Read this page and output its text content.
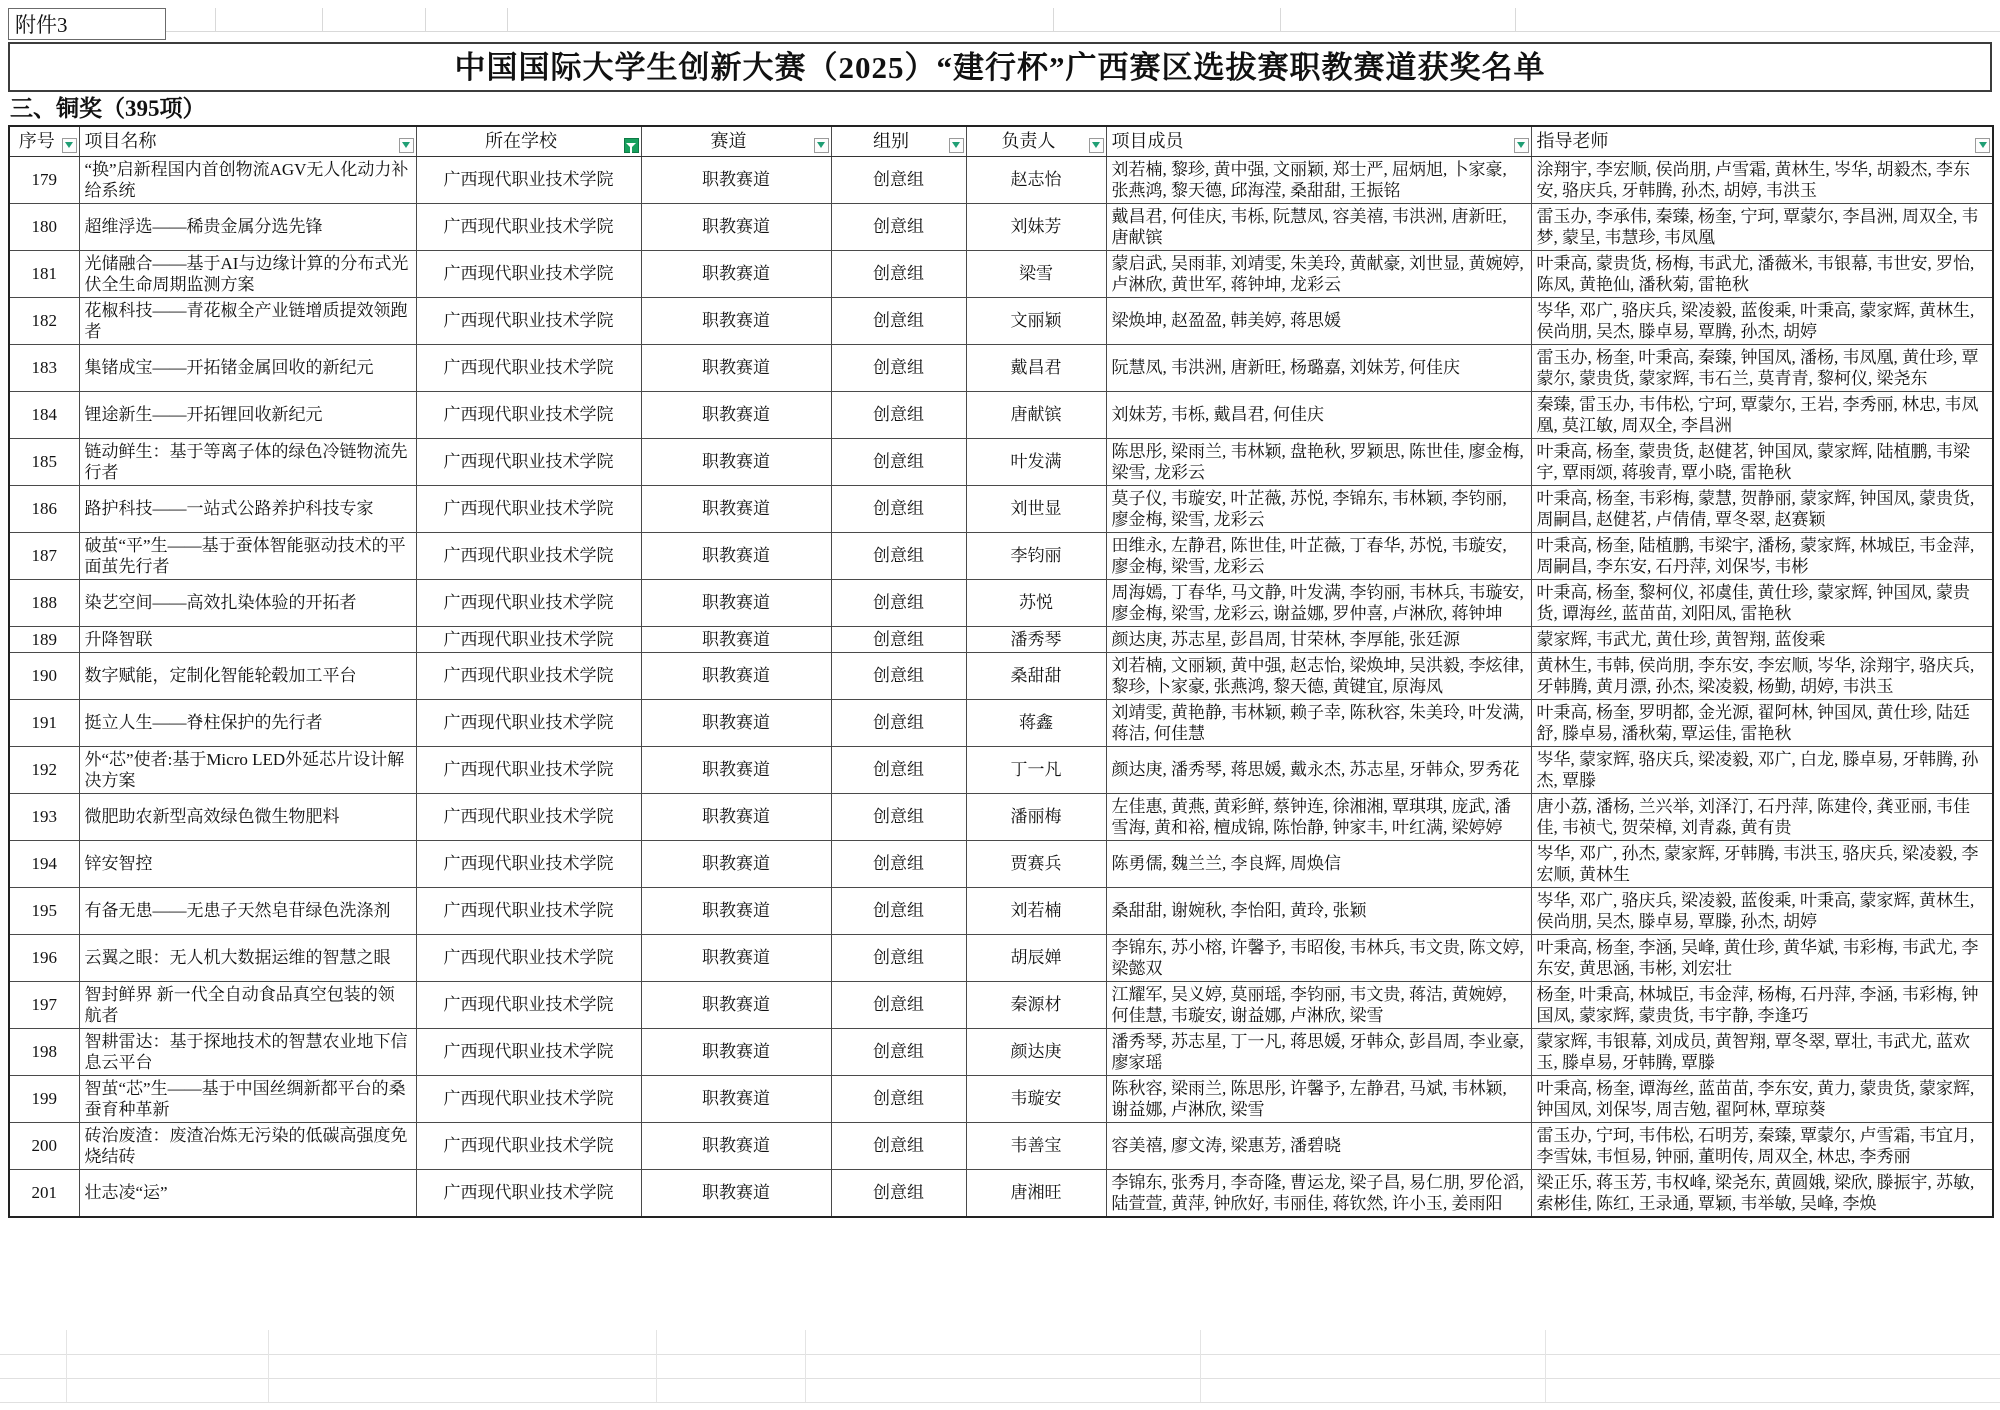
附件3
中国国际大学生创新大赛（2025）“建行杯”广西赛区选拔赛职教赛道获奖名单
三、铜奖（395项）
序号	项目名称	所在学校	赛道	组别	负责人	项目成员	指导老师

179	“换”启新程国内首创物流AGV无人化动力补给系统	广西现代职业技术学院	职教赛道	创意组	赵志怡	刘若楠, 黎珍, 黄中强, 文丽颖, 郑士严, 屈炳旭, 卜家豪, 张燕鸿, 黎天德, 邱海滢, 桑甜甜, 王振铭	涂翔宇, 李宏顺, 侯尚朋, 卢雪霜, 黄林生, 岑华, 胡毅杰, 李东安, 骆庆兵, 牙韩腾, 孙杰, 胡婷, 韦洪玉
180	超维浮选——稀贵金属分选先锋	广西现代职业技术学院	职教赛道	创意组	刘妹芳	戴昌君, 何佳庆, 韦栎, 阮慧凤, 容美禧, 韦洪洲, 唐新旺, 唐献镔	雷玉办, 李承伟, 秦臻, 杨奎, 宁珂, 覃蒙尔, 李昌洲, 周双全, 韦梦, 蒙呈, 韦慧珍, 韦凤凰
181	光储融合——基于AI与边缘计算的分布式光伏全生命周期监测方案	广西现代职业技术学院	职教赛道	创意组	梁雪	蒙启武, 吴雨菲, 刘靖雯, 朱美玲, 黄献豪, 刘世显, 黄婉婷, 卢淋欣, 黄世军, 蒋钟坤, 龙彩云	叶秉高, 蒙贵货, 杨梅, 韦武尤, 潘薇米, 韦银幕, 韦世安, 罗怡, 陈凤, 黄艳仙, 潘秋菊, 雷艳秋
182	花椒科技——青花椒全产业链增质提效领跑者	广西现代职业技术学院	职教赛道	创意组	文丽颖	梁焕坤, 赵盈盈, 韩美婷, 蒋思媛	岑华, 邓广, 骆庆兵, 梁凌毅, 蓝俊乘, 叶秉高, 蒙家辉, 黄林生, 侯尚朋, 吴杰, 滕卓易, 覃腾, 孙杰, 胡婷
183	集锗成宝——开拓锗金属回收的新纪元	广西现代职业技术学院	职教赛道	创意组	戴昌君	阮慧凤, 韦洪洲, 唐新旺, 杨璐嘉, 刘妹芳, 何佳庆	雷玉办, 杨奎, 叶秉高, 秦臻, 钟国凤, 潘杨, 韦凤凰, 黄仕珍, 覃蒙尔, 蒙贵货, 蒙家辉, 韦石兰, 莫青青, 黎柯仪, 梁尧东
184	锂途新生——开拓锂回收新纪元	广西现代职业技术学院	职教赛道	创意组	唐献镔	刘妹芳, 韦栎, 戴昌君, 何佳庆	秦臻, 雷玉办, 韦伟松, 宁珂, 覃蒙尔, 王岩, 李秀丽, 林忠, 韦凤凰, 莫江敏, 周双全, 李昌洲
185	链动鲜生：基于等离子体的绿色冷链物流先行者	广西现代职业技术学院	职教赛道	创意组	叶发满	陈思彤, 梁雨兰, 韦林颖, 盘艳秋, 罗颖思, 陈世佳, 廖金梅, 梁雪, 龙彩云	叶秉高, 杨奎, 蒙贵货, 赵健茗, 钟国凤, 蒙家辉, 陆植鹏, 韦梁宇, 覃雨颂, 蒋骏青, 覃小晓, 雷艳秋
186	路护科技——一站式公路养护科技专家	广西现代职业技术学院	职教赛道	创意组	刘世显	莫子仪, 韦璇安, 叶芷薇, 苏悦, 李锦东, 韦林颖, 李钧丽, 廖金梅, 梁雪, 龙彩云	叶秉高, 杨奎, 韦彩梅, 蒙慧, 贺静丽, 蒙家辉, 钟国凤, 蒙贵货, 周嗣昌, 赵健茗, 卢倩倩, 覃冬翠, 赵赛颖
187	破茧“平”生——基于蚕体智能驱动技术的平面茧先行者	广西现代职业技术学院	职教赛道	创意组	李钧丽	田维永, 左静君, 陈世佳, 叶芷薇, 丁春华, 苏悦, 韦璇安, 廖金梅, 梁雪, 龙彩云	叶秉高, 杨奎, 陆植鹏, 韦梁宇, 潘杨, 蒙家辉, 林城臣, 韦金萍, 周嗣昌, 李东安, 石丹萍, 刘保岑, 韦彬
188	染艺空间——高效扎染体验的开拓者	广西现代职业技术学院	职教赛道	创意组	苏悦	周海嫣, 丁春华, 马文静, 叶发满, 李钧丽, 韦林兵, 韦璇安, 廖金梅, 梁雪, 龙彩云, 谢益娜, 罗仲喜, 卢淋欣, 蒋钟坤	叶秉高, 杨奎, 黎柯仪, 祁虞佳, 黄仕珍, 蒙家辉, 钟国凤, 蒙贵货, 谭海丝, 蓝苗苗, 刘阳凤, 雷艳秋
189	升降智联	广西现代职业技术学院	职教赛道	创意组	潘秀琴	颜达庚, 苏志星, 彭昌周, 甘荣林, 李厚能, 张廷源	蒙家辉, 韦武尤, 黄仕珍, 黄智翔, 蓝俊乘
190	数字赋能，定制化智能轮毂加工平台	广西现代职业技术学院	职教赛道	创意组	桑甜甜	刘若楠, 文丽颖, 黄中强, 赵志怡, 梁焕坤, 吴洪毅, 李炫律, 黎珍, 卜家豪, 张燕鸿, 黎天德, 黄键宜, 原海凤	黄林生, 韦韩, 侯尚朋, 李东安, 李宏顺, 岑华, 涂翔宇, 骆庆兵, 牙韩腾, 黄月漂, 孙杰, 梁凌毅, 杨勤, 胡婷, 韦洪玉
191	挺立人生——脊柱保护的先行者	广西现代职业技术学院	职教赛道	创意组	蒋鑫	刘靖雯, 黄艳静, 韦林颖, 赖子幸, 陈秋容, 朱美玲, 叶发满, 蒋洁, 何佳慧	叶秉高, 杨奎, 罗明都, 金光源, 翟阿林, 钟国凤, 黄仕珍, 陆廷舒, 滕卓易, 潘秋菊, 覃运佳, 雷艳秋
192	外“芯”使者:基于Micro LED外延芯片设计解决方案	广西现代职业技术学院	职教赛道	创意组	丁一凡	颜达庚, 潘秀琴, 蒋思媛, 戴永杰, 苏志星, 牙韩众, 罗秀花	岑华, 蒙家辉, 骆庆兵, 梁凌毅, 邓广, 白龙, 滕卓易, 牙韩腾, 孙杰, 覃滕
193	微肥助农新型高效绿色微生物肥料	广西现代职业技术学院	职教赛道	创意组	潘丽梅	左佳惠, 黄燕, 黄彩鲜, 蔡钟连, 徐湘湘, 覃琪琪, 庞武, 潘雪海, 黄和裕, 檀成锦, 陈怡静, 钟家丰, 叶红满, 梁婷婷	唐小荔, 潘杨, 兰兴举, 刘泽汀, 石丹萍, 陈建伶, 龚亚丽, 韦佳佳, 韦祯弋, 贺荣樟, 刘青淼, 黄有贵
194	锌安智控	广西现代职业技术学院	职教赛道	创意组	贾赛兵	陈勇儒, 魏兰兰, 李良辉, 周焕信	岑华, 邓广, 孙杰, 蒙家辉, 牙韩腾, 韦洪玉, 骆庆兵, 梁凌毅, 李宏顺, 黄林生
195	有备无患——无患子天然皂苷绿色洗涤剂	广西现代职业技术学院	职教赛道	创意组	刘若楠	桑甜甜, 谢婉秋, 李怡阳, 黄玲, 张颖	岑华, 邓广, 骆庆兵, 梁凌毅, 蓝俊乘, 叶秉高, 蒙家辉, 黄林生, 侯尚朋, 吴杰, 滕卓易, 覃滕, 孙杰, 胡婷
196	云翼之眼：无人机大数据运维的智慧之眼	广西现代职业技术学院	职教赛道	创意组	胡辰婵	李锦东, 苏小榕, 许馨予, 韦昭俊, 韦林兵, 韦文贵, 陈文婷, 梁懿双	叶秉高, 杨奎, 李涵, 吴峰, 黄仕珍, 黄华斌, 韦彩梅, 韦武尤, 李东安, 黄思涵, 韦彬, 刘宏壮
197	智封鲜界 新一代全自动食品真空包装的领航者	广西现代职业技术学院	职教赛道	创意组	秦源材	江耀军, 吴义婷, 莫丽瑶, 李钧丽, 韦文贵, 蒋洁, 黄婉婷, 何佳慧, 韦璇安, 谢益娜, 卢淋欣, 梁雪	杨奎, 叶秉高, 林城臣, 韦金萍, 杨梅, 石丹萍, 李涵, 韦彩梅, 钟国凤, 蒙家辉, 蒙贵货, 韦宇静, 李逢巧
198	智耕雷达：基于探地技术的智慧农业地下信息云平台	广西现代职业技术学院	职教赛道	创意组	颜达庚	潘秀琴, 苏志星, 丁一凡, 蒋思媛, 牙韩众, 彭昌周, 李业豪, 廖家瑶	蒙家辉, 韦银幕, 刘成员, 黄智翔, 覃冬翠, 覃壮, 韦武尤, 蓝欢玉, 滕卓易, 牙韩腾, 覃滕
199	智茧“芯”生——基于中国丝绸新都平台的桑蚕育种革新	广西现代职业技术学院	职教赛道	创意组	韦璇安	陈秋容, 梁雨兰, 陈思彤, 许馨予, 左静君, 马斌, 韦林颖, 谢益娜, 卢淋欣, 梁雪	叶秉高, 杨奎, 谭海丝, 蓝苗苗, 李东安, 黄力, 蒙贵货, 蒙家辉, 钟国凤, 刘保岑, 周吉勉, 翟阿林, 覃琼葵
200	砖治废渣：废渣冶炼无污染的低碳高强度免烧结砖	广西现代职业技术学院	职教赛道	创意组	韦善宝	容美禧, 廖文涛, 梁惠芳, 潘碧晓	雷玉办, 宁珂, 韦伟松, 石明芳, 秦臻, 覃蒙尔, 卢雪霜, 韦宜月, 李雪妹, 韦恒易, 钟丽, 董明传, 周双全, 林忠, 李秀丽
201	壮志凌“运”	广西现代职业技术学院	职教赛道	创意组	唐湘旺	李锦东, 张秀月, 李奇隆, 曹运龙, 梁子昌, 易仁朋, 罗伦滔, 陆萱萱, 黄萍, 钟欣好, 韦丽佳, 蒋钦然, 许小玉, 姜雨阳	梁正乐, 蒋玉芳, 韦权峰, 梁尧东, 黄圆娥, 梁欣, 滕振宇, 苏敏, 索彬佳, 陈红, 王录通, 覃颖, 韦举敏, 吴峰, 李焕
